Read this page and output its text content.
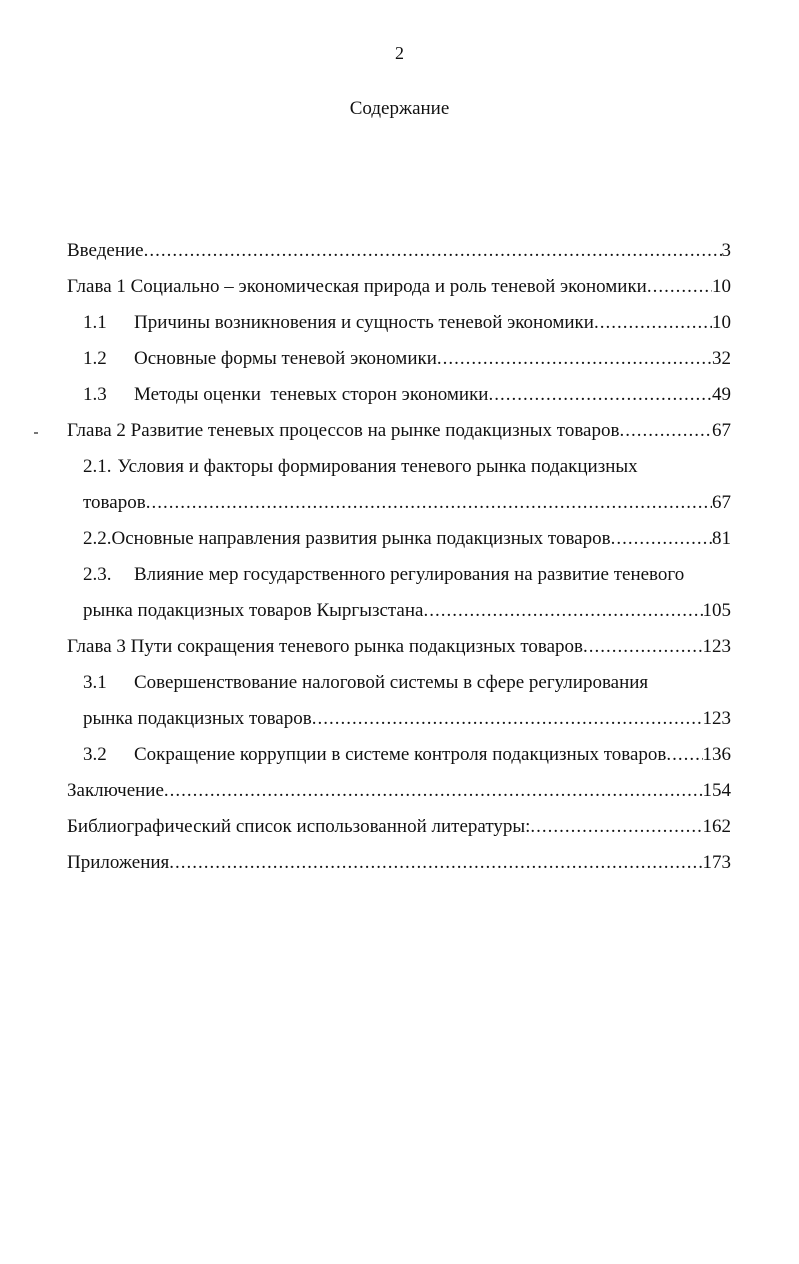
2
Содержание
Введение .....	3
Глава 1 Социально – экономическая природа и роль теневой экономики .....	10
1.1	Причины возникновения и сущность теневой экономики .....	10
1.2	Основные формы теневой экономики .....	32
1.3	Методы оценки  теневых сторон экономики .....	49
Глава 2 Развитие теневых процессов на рынке подакцизных товаров .....	67
2.1. Условия и факторы формирования теневого рынка подакцизных
товаров .....	67
2.2.Основные направления развития рынка подакцизных товаров .....	81
2.3.	Влияние мер государственного регулирования на развитие теневого
рынка подакцизных товаров Кыргызстана .....	105
Глава 3 Пути сокращения теневого рынка подакцизных товаров .....	123
3.1	Совершенствование налоговой системы в сфере регулирования
рынка подакцизных товаров .....	123
3.2	Сокращение коррупции в системе контроля подакцизных товаров ..... 136
Заключение .....	154
Библиографический список использованной литературы: .....	162
Приложения .....	173
